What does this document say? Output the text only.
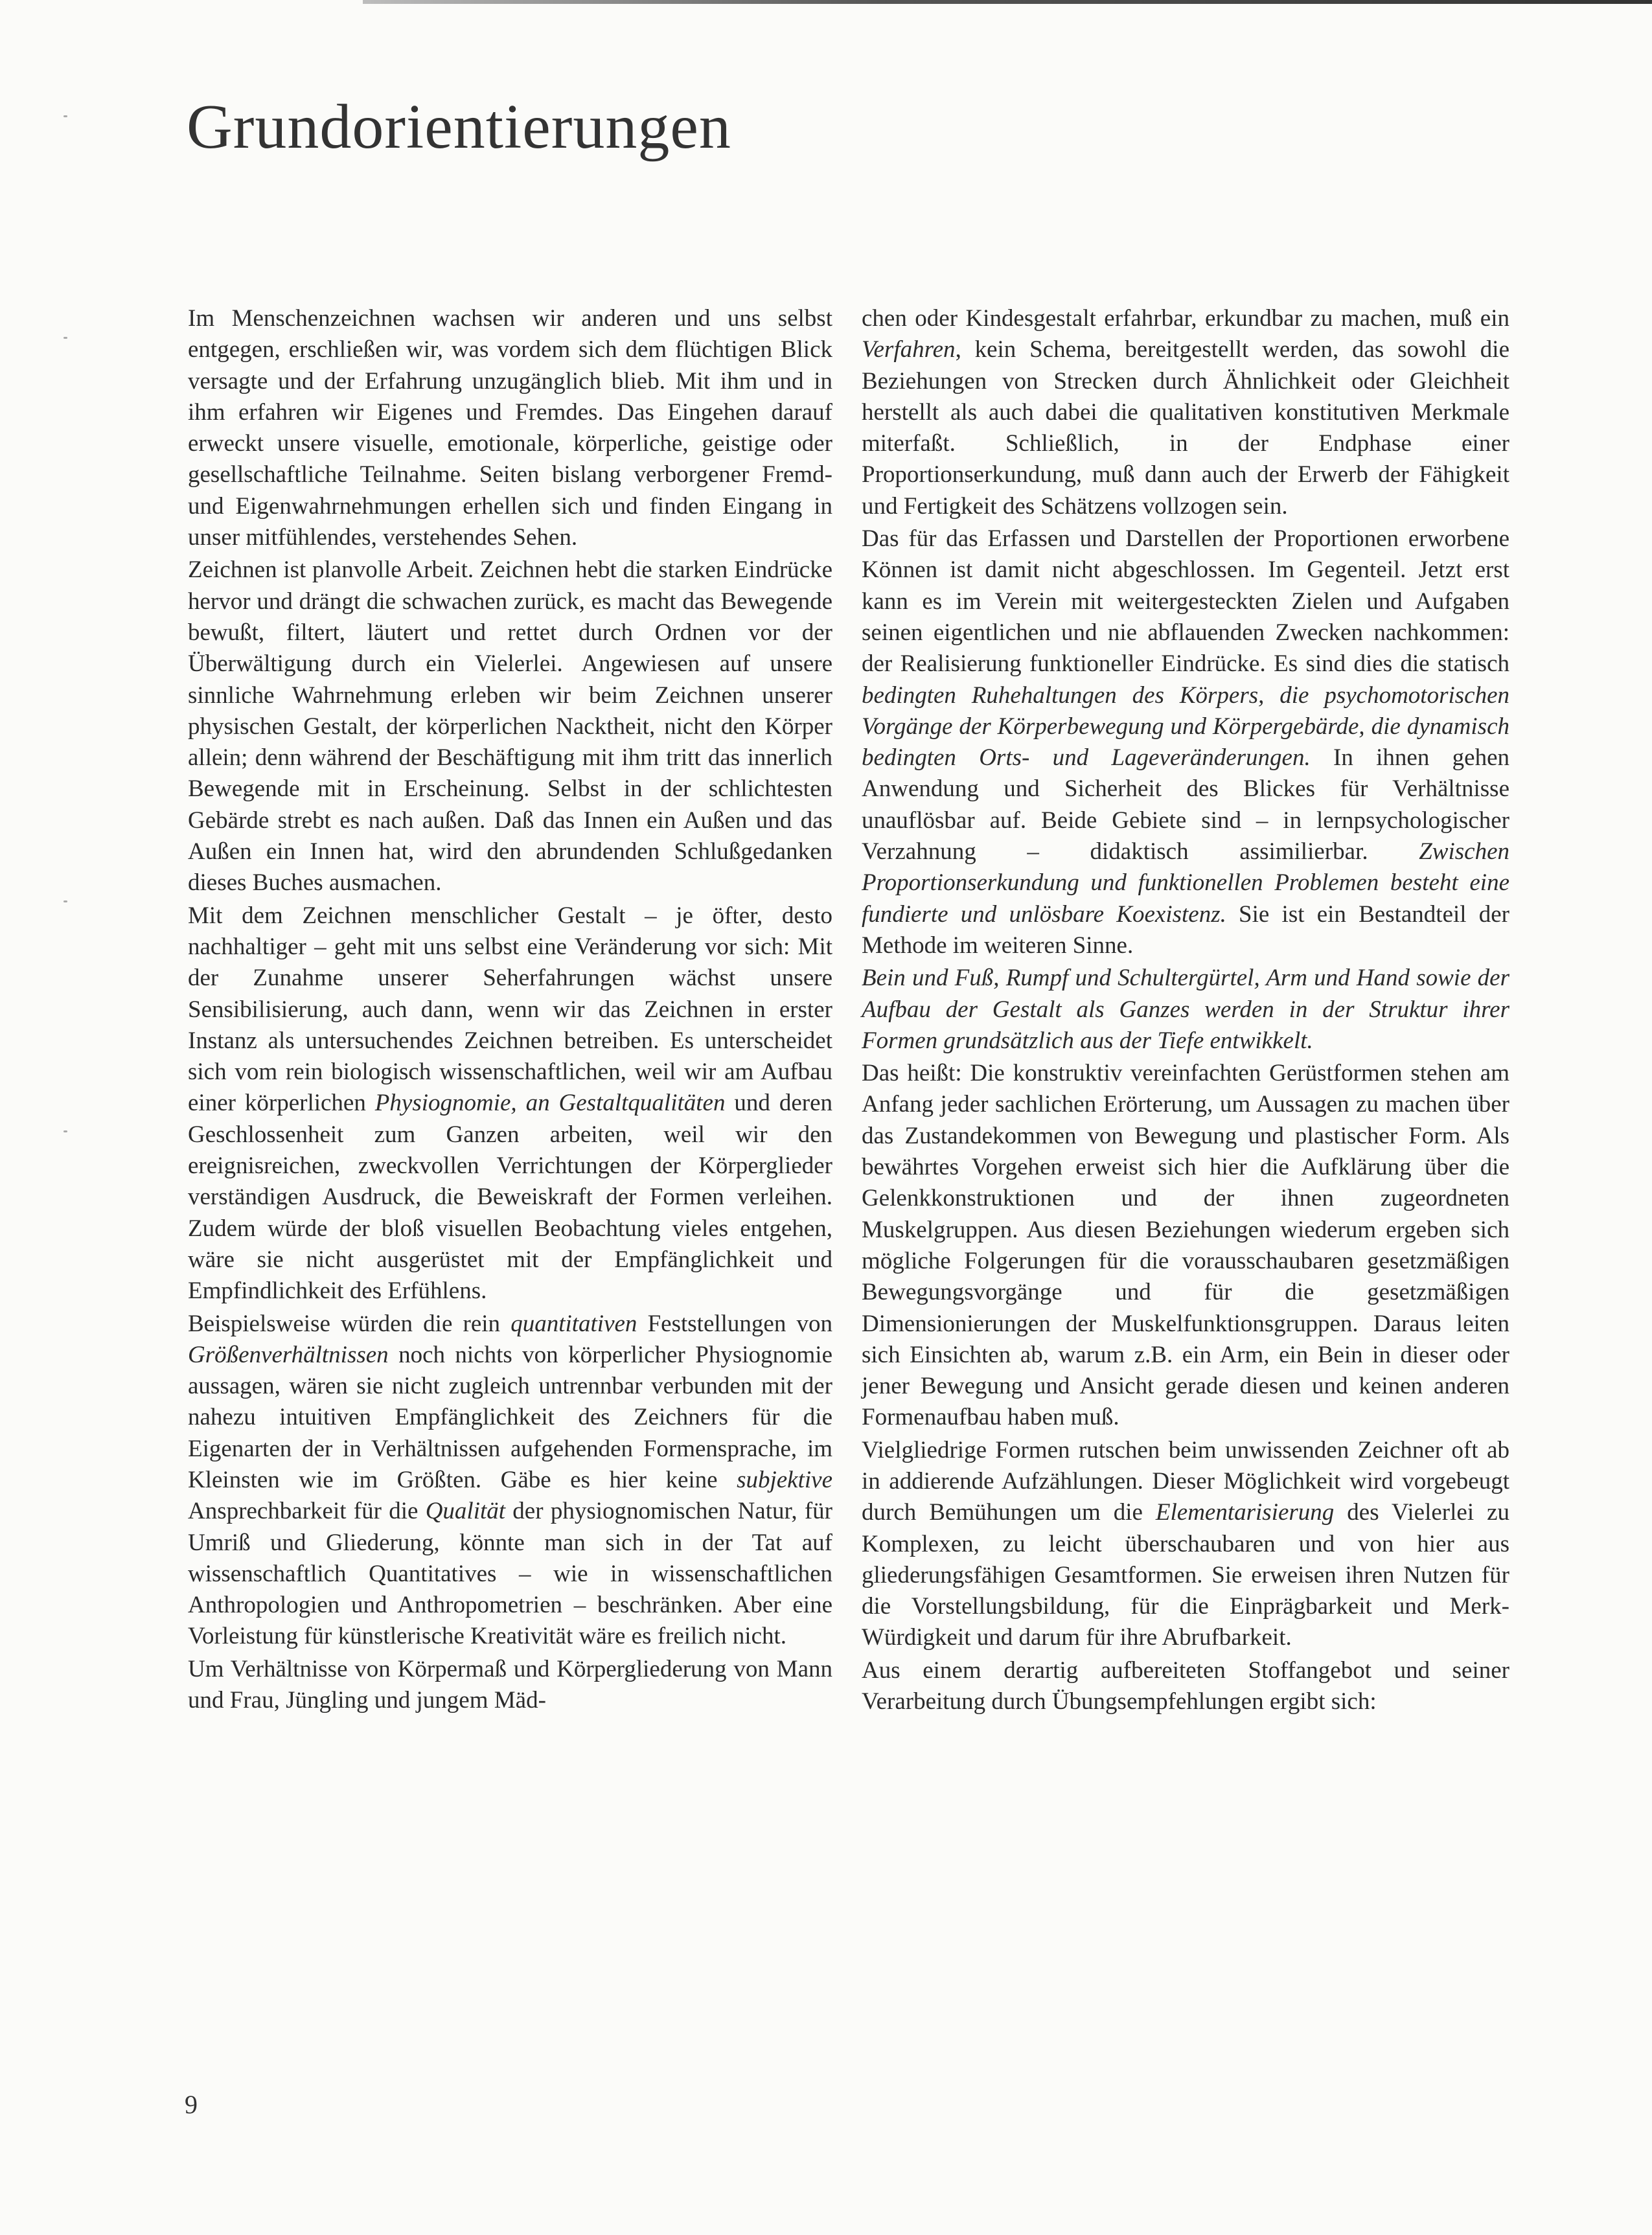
Grundorientierungen

Im Menschenzeichnen wachsen wir anderen und uns selbst entgegen, erschließen wir, was vordem sich dem flüchtigen Blick versagte und der Erfahrung unzugänglich blieb. Mit ihm und in ihm erfahren wir Eigenes und Fremdes. Das Eingehen darauf erweckt unsere visuelle, emotionale, körperliche, geistige oder gesellschaftliche Teilnahme. Seiten bislang verborgener Fremd- und Eigenwahrnehmungen erhellen sich und finden Eingang in unser mitfühlendes, verstehendes Sehen.

Zeichnen ist planvolle Arbeit. Zeichnen hebt die starken Eindrücke hervor und drängt die schwachen zurück, es macht das Bewegende bewußt, filtert, läutert und rettet durch Ordnen vor der Überwältigung durch ein Vielerlei. Angewiesen auf unsere sinnliche Wahrnehmung erleben wir beim Zeichnen unserer physischen Gestalt, der körperlichen Nacktheit, nicht den Körper allein; denn während der Beschäftigung mit ihm tritt das innerlich Bewegende mit in Erscheinung. Selbst in der schlichtesten Gebärde strebt es nach außen. Daß das Innen ein Außen und das Außen ein Innen hat, wird den abrundenden Schlußgedanken dieses Buches ausmachen.

Mit dem Zeichnen menschlicher Gestalt – je öfter, desto nachhaltiger – geht mit uns selbst eine Veränderung vor sich: Mit der Zunahme unserer Seherfahrungen wächst unsere Sensibilisierung, auch dann, wenn wir das Zeichnen in erster Instanz als untersuchendes Zeichnen betreiben. Es unterscheidet sich vom rein biologisch wissenschaftlichen, weil wir am Aufbau einer körperlichen Physiognomie, an Gestaltqualitäten und deren Geschlossenheit zum Ganzen arbeiten, weil wir den ereignisreichen, zweckvollen Verrichtungen der Körperglieder verständigen Ausdruck, die Beweiskraft der Formen verleihen. Zudem würde der bloß visuellen Beobachtung vieles entgehen, wäre sie nicht ausgerüstet mit der Empfänglichkeit und Empfindlichkeit des Erfühlens.

Beispielsweise würden die rein quantitativen Feststellungen von Größenverhältnissen noch nichts von körperlicher Physiognomie aussagen, wären sie nicht zugleich untrennbar verbunden mit der nahezu intuitiven Empfänglichkeit des Zeichners für die Eigenarten der in Verhältnissen aufgehenden Formensprache, im Kleinsten wie im Größten. Gäbe es hier keine subjektive Ansprechbarkeit für die Qualität der physiognomischen Natur, für Umriß und Gliederung, könnte man sich in der Tat auf wissenschaftlich Quantitatives – wie in wissenschaftlichen Anthropologien und Anthropometrien – beschränken. Aber eine Vorleistung für künstlerische Kreativität wäre es freilich nicht.

Um Verhältnisse von Körpermaß und Körpergliederung von Mann und Frau, Jüngling und jungem Mäd-

chen oder Kindesgestalt erfahrbar, erkundbar zu machen, muß ein Verfahren, kein Schema, bereitgestellt werden, das sowohl die Beziehungen von Strecken durch Ähnlichkeit oder Gleichheit herstellt als auch dabei die qualitativen konstitutiven Merkmale miterfaßt. Schließlich, in der Endphase einer Proportionserkundung, muß dann auch der Erwerb der Fähigkeit und Fertigkeit des Schätzens vollzogen sein.

Das für das Erfassen und Darstellen der Proportionen erworbene Können ist damit nicht abgeschlossen. Im Gegenteil. Jetzt erst kann es im Verein mit weitergesteckten Zielen und Aufgaben seinen eigentlichen und nie abflauenden Zwecken nachkommen: der Realisierung funktioneller Eindrücke. Es sind dies die statisch bedingten Ruhehaltungen des Körpers, die psychomotorischen Vorgänge der Körperbewegung und Körpergebärde, die dynamisch bedingten Orts- und Lageveränderungen. In ihnen gehen Anwendung und Sicherheit des Blickes für Verhältnisse unauflösbar auf. Beide Gebiete sind – in lernpsychologischer Verzahnung – didaktisch assimilierbar. Zwischen Proportionserkundung und funktionellen Problemen besteht eine fundierte und unlösbare Koexistenz. Sie ist ein Bestandteil der Methode im weiteren Sinne.

Bein und Fuß, Rumpf und Schultergürtel, Arm und Hand sowie der Aufbau der Gestalt als Ganzes werden in der Struktur ihrer Formen grundsätzlich aus der Tiefe entwikkelt.

Das heißt: Die konstruktiv vereinfachten Gerüstformen stehen am Anfang jeder sachlichen Erörterung, um Aussagen zu machen über das Zustandekommen von Bewegung und plastischer Form. Als bewährtes Vorgehen erweist sich hier die Aufklärung über die Gelenkkonstruktionen und der ihnen zugeordneten Muskelgruppen. Aus diesen Beziehungen wiederum ergeben sich mögliche Folgerungen für die vorausschaubaren gesetzmäßigen Bewegungsvorgänge und für die gesetzmäßigen Dimensionierungen der Muskelfunktionsgruppen. Daraus leiten sich Einsichten ab, warum z.B. ein Arm, ein Bein in dieser oder jener Bewegung und Ansicht gerade diesen und keinen anderen Formenaufbau haben muß.

Vielgliedrige Formen rutschen beim unwissenden Zeichner oft ab in addierende Aufzählungen. Dieser Möglichkeit wird vorgebeugt durch Bemühungen um die Elementarisierung des Vielerlei zu Komplexen, zu leicht überschaubaren und von hier aus gliederungsfähigen Gesamtformen. Sie erweisen ihren Nutzen für die Vorstellungsbildung, für die Einprägbarkeit und Merk-Würdigkeit und darum für ihre Abrufbarkeit.

Aus einem derartig aufbereiteten Stoffangebot und seiner Verarbeitung durch Übungsempfehlungen ergibt sich:

9
